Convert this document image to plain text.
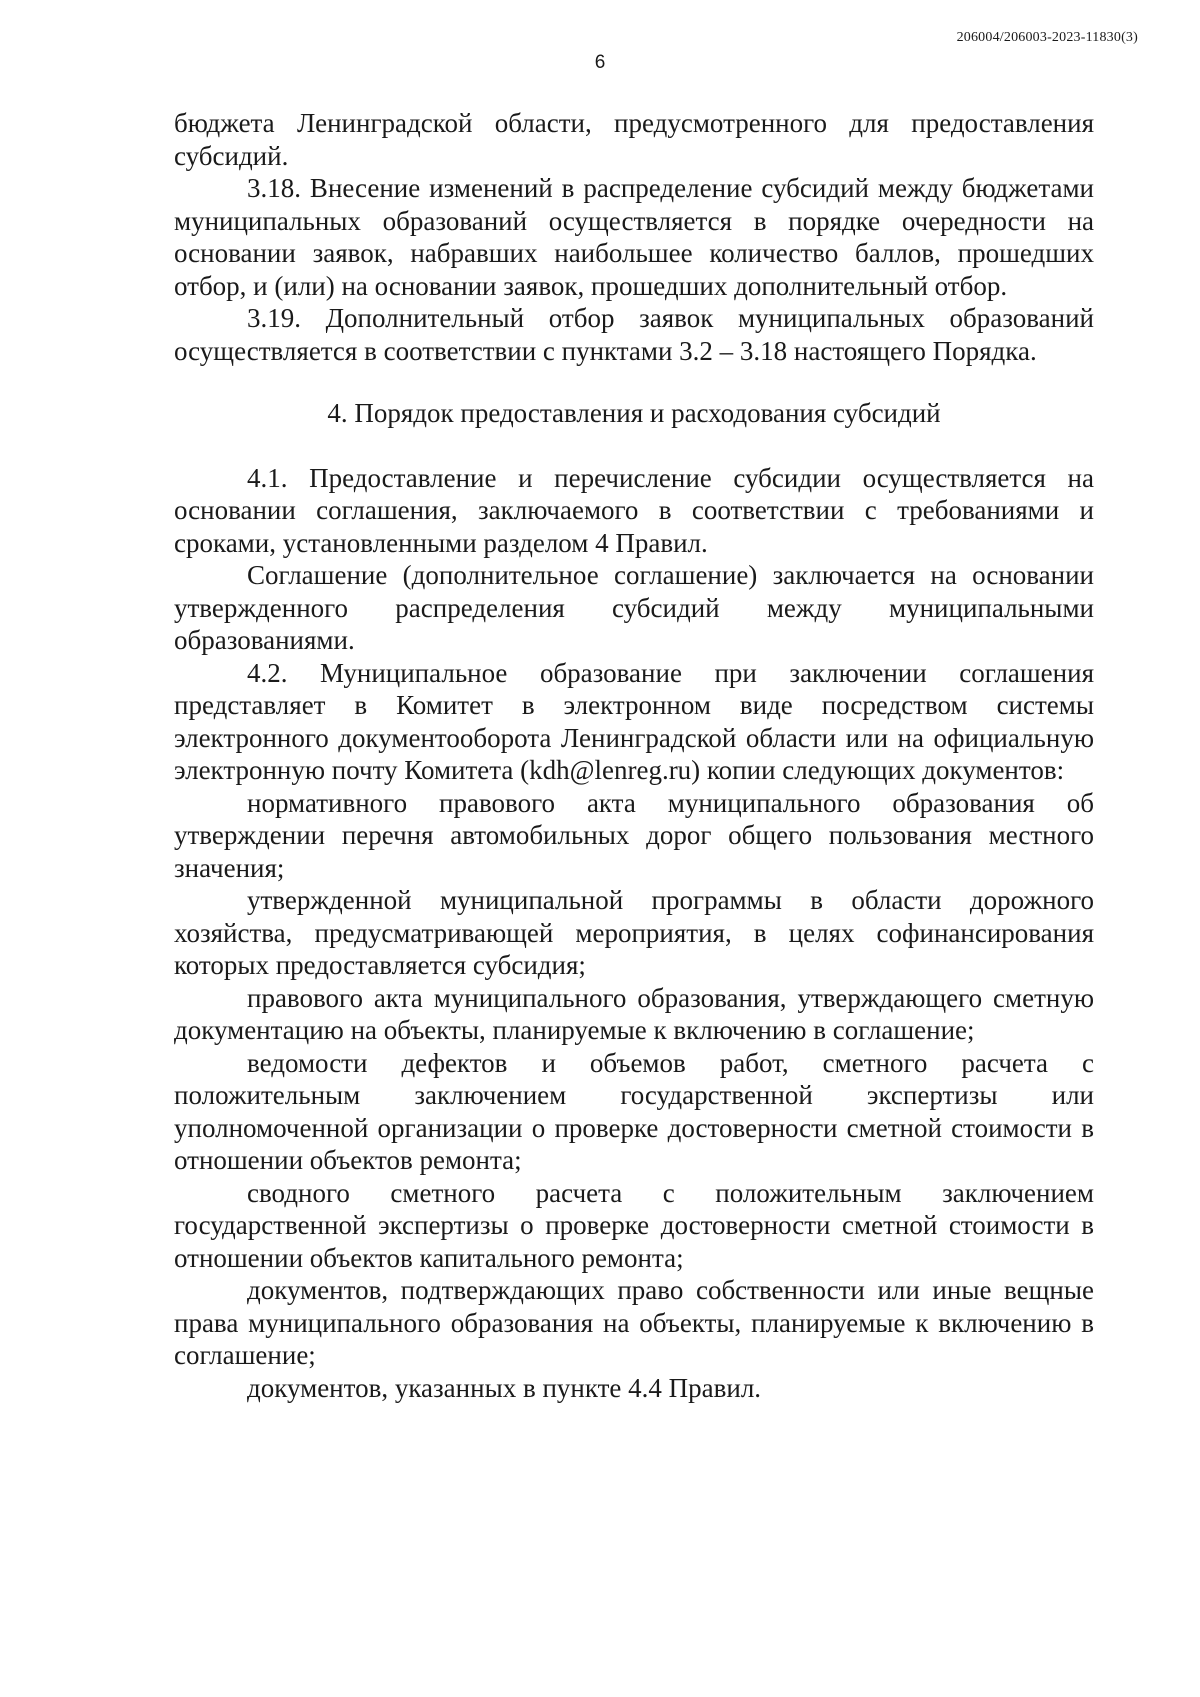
206004/206003-2023-11830(3)
6

бюджета Ленинградской области, предусмотренного для предоставления субсидий.

3.18. Внесение изменений в распределение субсидий между бюджетами муниципальных образований осуществляется в порядке очередности на основании заявок, набравших наибольшее количество баллов, прошедших отбор, и (или) на основании заявок, прошедших дополнительный отбор.

3.19. Дополнительный отбор заявок муниципальных образований осуществляется в соответствии с пунктами 3.2 – 3.18 настоящего Порядка.

4. Порядок предоставления и расходования субсидий

4.1. Предоставление и перечисление субсидии осуществляется на основании соглашения, заключаемого в соответствии с требованиями и сроками, установленными разделом 4 Правил.

Соглашение (дополнительное соглашение) заключается на основании утвержденного распределения субсидий между муниципальными образованиями.

4.2. Муниципальное образование при заключении соглашения представляет в Комитет в электронном виде посредством системы электронного документооборота Ленинградской области или на официальную электронную почту Комитета (kdh@lenreg.ru) копии следующих документов:

нормативного правового акта муниципального образования об утверждении перечня автомобильных дорог общего пользования местного значения;

утвержденной муниципальной программы в области дорожного хозяйства, предусматривающей мероприятия, в целях софинансирования которых предоставляется субсидия;

правового акта муниципального образования, утверждающего сметную документацию на объекты, планируемые к включению в соглашение;

ведомости дефектов и объемов работ, сметного расчета с положительным заключением государственной экспертизы или уполномоченной организации о проверке достоверности сметной стоимости в отношении объектов ремонта;

сводного сметного расчета с положительным заключением государственной экспертизы о проверке достоверности сметной стоимости в отношении объектов капитального ремонта;

документов, подтверждающих право собственности или иные вещные права муниципального образования на объекты, планируемые к включению в соглашение;

документов, указанных в пункте 4.4 Правил.
